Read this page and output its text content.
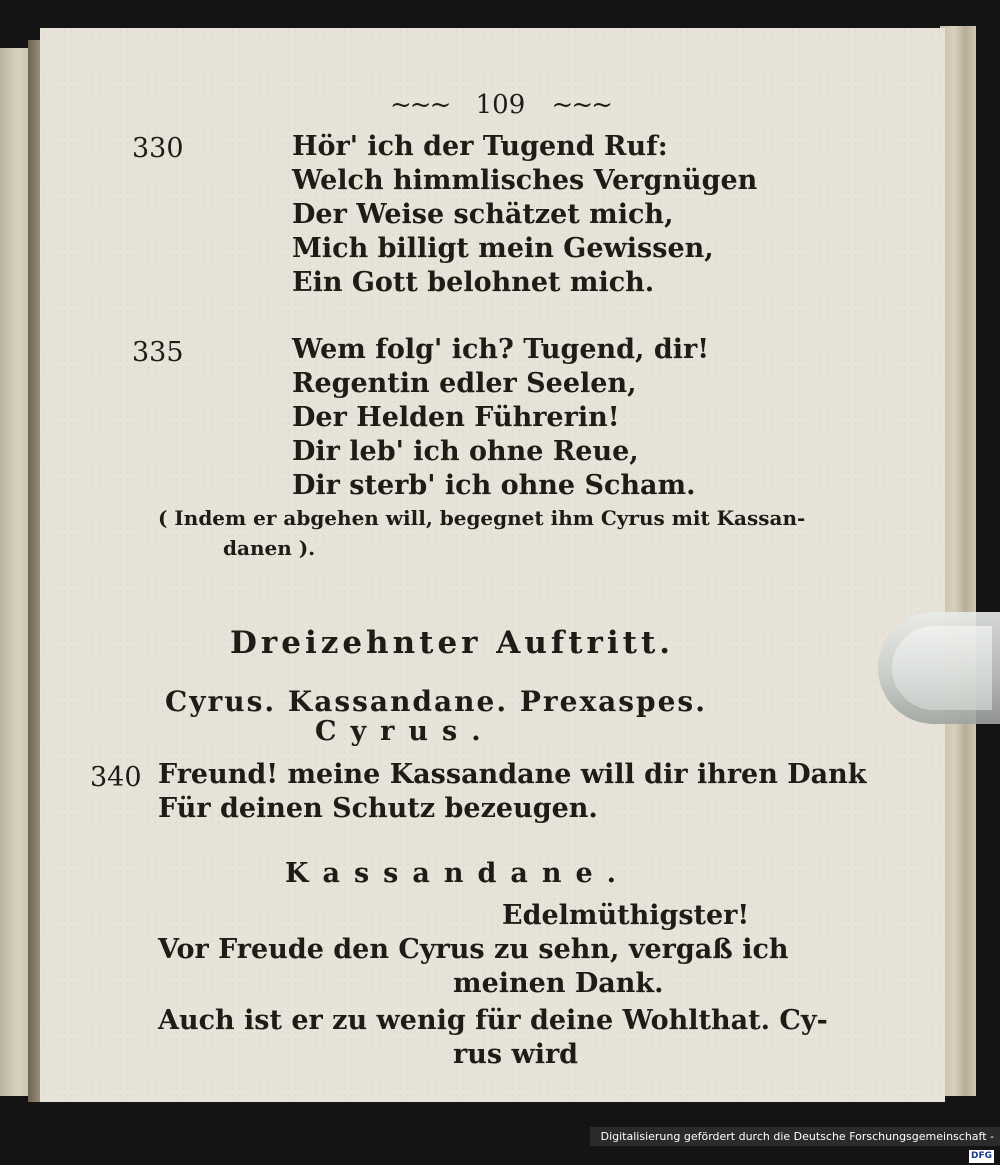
~~~ 109 ~~~
330	Hör' ich der Tugend Ruf:
Welch himmlisches Vergnügen
Der Weise schätzet mich,
Mich billigt mein Gewissen,
Ein Gott belohnet mich.
335	Wem folg' ich? Tugend, dir!
Regentin edler Seelen,
Der Helden Führerin!
Dir leb' ich ohne Reue,
Dir sterb' ich ohne Scham.
( Indem er abgehen will, begegnet ihm Cyrus mit Kassan-
danen ).
Dreizehnter Auftritt.
Cyrus. Kassandane. Prexaspes.
Cyrus.
340 Freund! meine Kassandane will dir ihren Dank
Für deinen Schutz bezeugen.
Kassandane.
Edelmüthigster!
Vor Freude den Cyrus zu sehn, vergaß ich
meinen Dank.
Auch ist er zu wenig für deine Wohlthat. Cy-
rus wird
Digitalisierung gefördert durch die Deutsche Forschungsgemeinschaft -DFG
